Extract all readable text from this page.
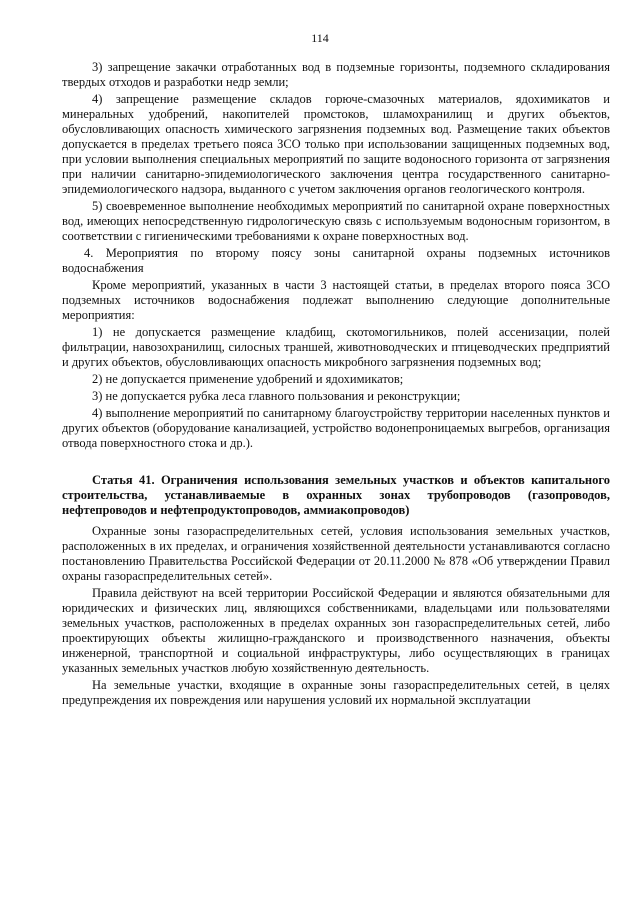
114

3) запрещение закачки отработанных вод в подземные горизонты, подземного складирования твердых отходов и разработки недр земли;

4) запрещение размещение складов горюче-смазочных материалов, ядохимикатов и минеральных удобрений, накопителей промстоков, шламохранилищ и других объектов, обусловливающих опасность химического загрязнения подземных вод. Размещение таких объектов допускается в пределах третьего пояса ЗСО только при использовании защищенных подземных вод, при условии выполнения специальных мероприятий по защите водоносного горизонта от загрязнения при наличии санитарно-эпидемиологического заключения центра государственного санитарно-эпидемиологического надзора, выданного с учетом заключения органов геологического контроля.

5) своевременное выполнение необходимых мероприятий по санитарной охране поверхностных вод, имеющих непосредственную гидрологическую связь с используемым водоносным горизонтом, в соответствии с гигиеническими требованиями к охране поверхностных вод.

4. Мероприятия по второму поясу зоны санитарной охраны подземных источников водоснабжения

Кроме мероприятий, указанных в части 3 настоящей статьи, в пределах второго пояса ЗСО подземных источников водоснабжения подлежат выполнению следующие дополнительные мероприятия:

1) не допускается размещение кладбищ, скотомогильников, полей ассенизации, полей фильтрации, навозохранилищ, силосных траншей, животноводческих и птицеводческих предприятий и других объектов, обусловливающих опасность микробного загрязнения подземных вод;

2) не допускается применение удобрений и ядохимикатов;

3) не допускается рубка леса главного пользования и реконструкции;

4) выполнение мероприятий по санитарному благоустройству территории населенных пунктов и других объектов (оборудование канализацией, устройство водонепроницаемых выгребов, организация отвода поверхностного стока и др.).

Статья 41. Ограничения использования земельных участков и объектов капитального строительства, устанавливаемые в охранных зонах трубопроводов (газопроводов, нефтепроводов и нефтепродуктопроводов, аммиакопроводов)

Охранные зоны газораспределительных сетей, условия использования земельных участков, расположенных в их пределах, и ограничения хозяйственной деятельности устанавливаются согласно постановлению Правительства Российской Федерации от 20.11.2000 № 878 «Об утверждении Правил охраны газораспределительных сетей».

Правила действуют на всей территории Российской Федерации и являются обязательными для юридических и физических лиц, являющихся собственниками, владельцами или пользователями земельных участков, расположенных в пределах охранных зон газораспределительных сетей, либо проектирующих объекты жилищно-гражданского и производственного назначения, объекты инженерной, транспортной и социальной инфраструктуры, либо осуществляющих в границах указанных земельных участков любую хозяйственную деятельность.

На земельные участки, входящие в охранные зоны газораспределительных сетей, в целях предупреждения их повреждения или нарушения условий их нормальной эксплуатации
